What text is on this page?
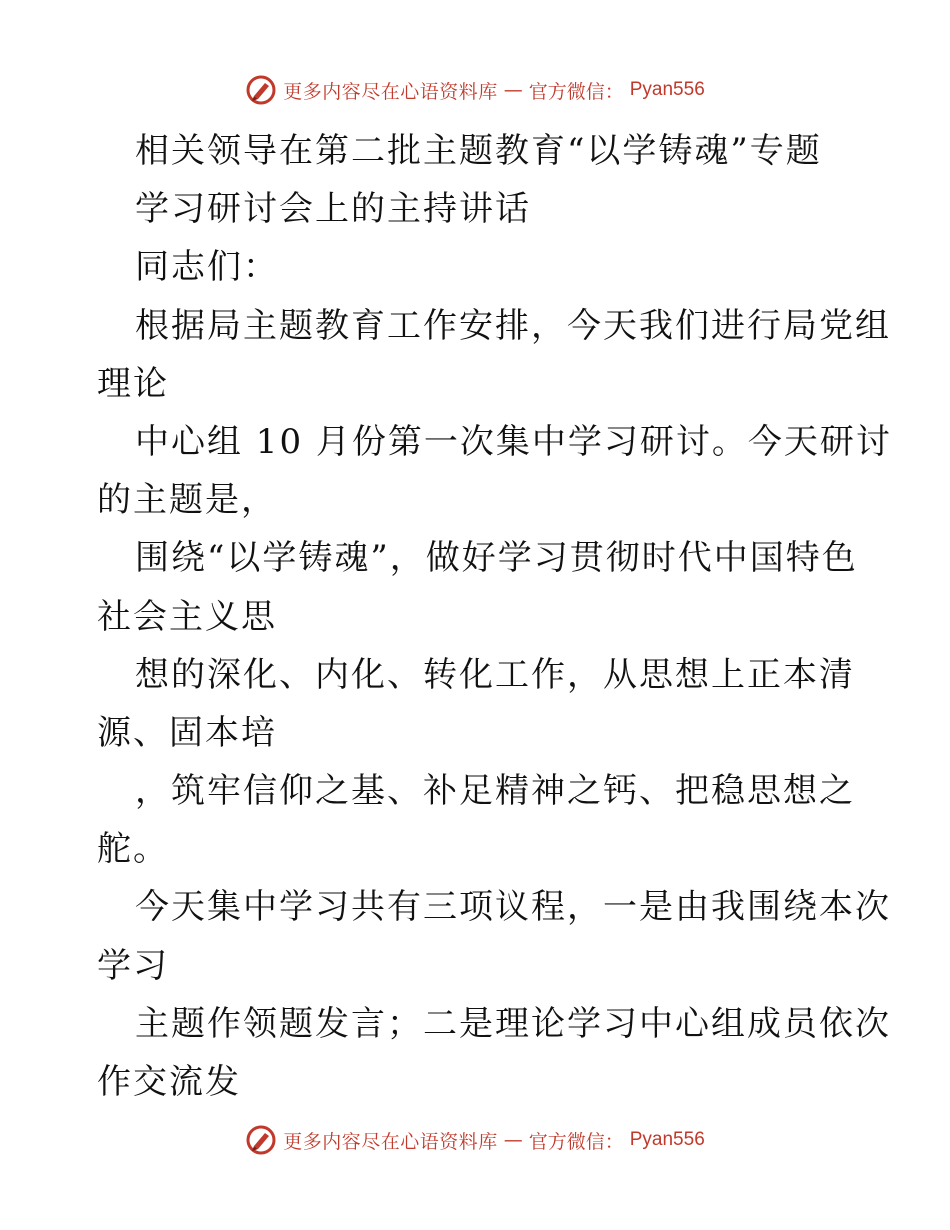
更多内容尽在心语资料库 — 官方微信： Pyan556
相关领导在第二批主题教育“以学铸魂”专题
学习研讨会上的主持讲话
同志们：
根据局主题教育工作安排，今天我们进行局党组
理论
中心组 10 月份第一次集中学习研讨。今天研讨
的主题是，
围绕“以学铸魂”，做好学习贯彻时代中国特色
社会主义思
想的深化、内化、转化工作，从思想上正本清
源、固本培
，筑牢信仰之基、补足精神之钙、把稳思想之
舵。
今天集中学习共有三项议程，一是由我围绕本次
学习
主题作领题发言；二是理论学习中心组成员依次
作交流发
更多内容尽在心语资料库 — 官方微信： Pyan556
